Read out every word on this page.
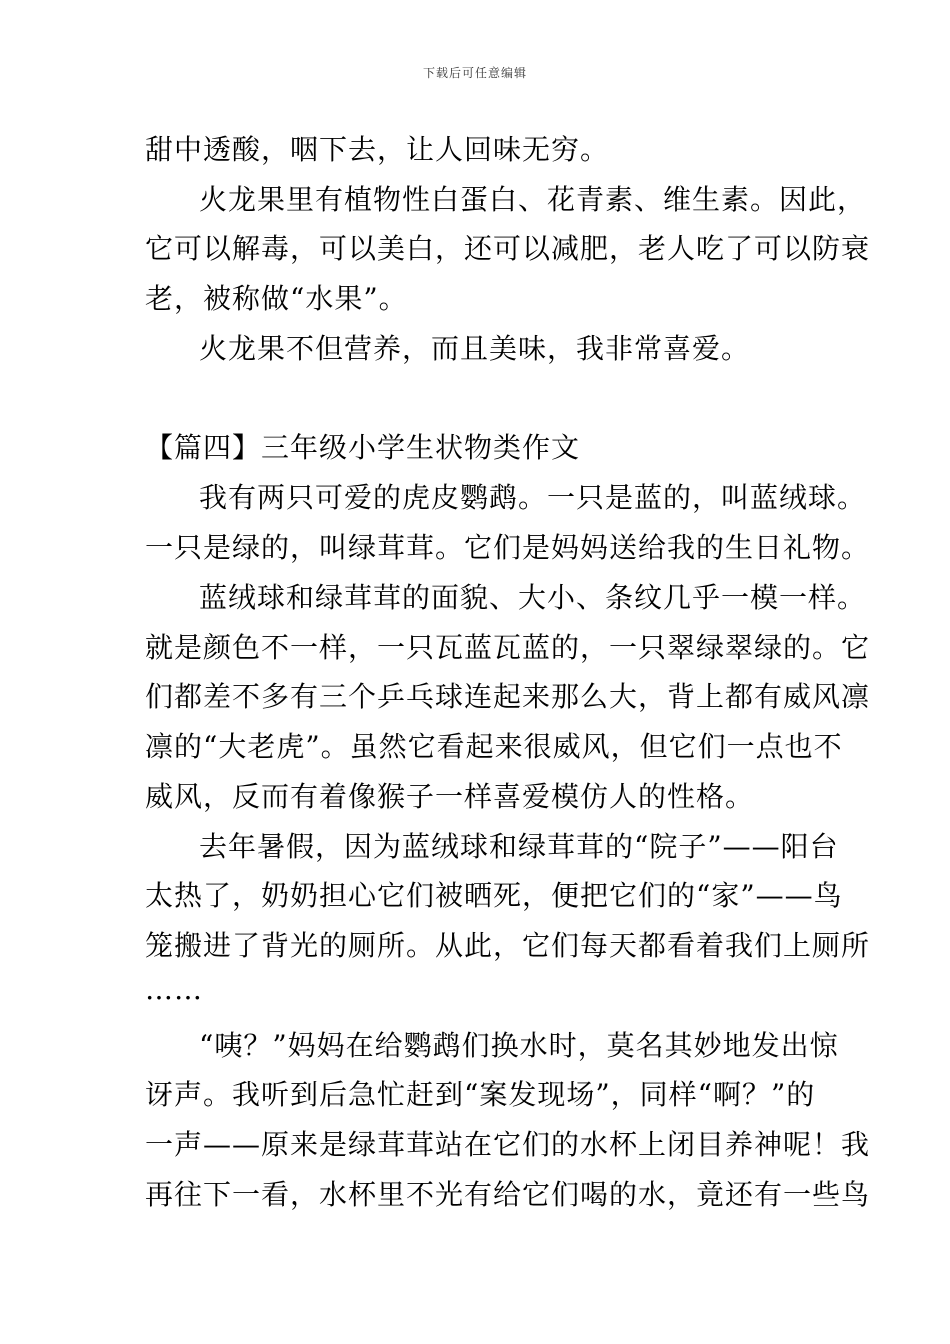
下载后可任意编辑
甜中透酸，咽下去，让人回味无穷。
火龙果里有植物性白蛋白、花青素、维生素。因此，
它可以解毒，可以美白，还可以减肥，老人吃了可以防衰
老，被称做“水果”。
火龙果不但营养，而且美味，我非常喜爱。
【篇四】三年级小学生状物类作文
我有两只可爱的虎皮鹦鹉。一只是蓝的，叫蓝绒球。
一只是绿的，叫绿茸茸。它们是妈妈送给我的生日礼物。
蓝绒球和绿茸茸的面貌、大小、条纹几乎一模一样。
就是颜色不一样，一只瓦蓝瓦蓝的，一只翠绿翠绿的。它
们都差不多有三个乒乓球连起来那么大，背上都有威风凛
凛的“大老虎”。虽然它看起来很威风，但它们一点也不
威风，反而有着像猴子一样喜爱模仿人的性格。
去年暑假，因为蓝绒球和绿茸茸的“院子”——阳台
太热了，奶奶担心它们被晒死，便把它们的“家”——鸟
笼搬进了背光的厕所。从此，它们每天都看着我们上厕所
……
“咦？”妈妈在给鹦鹉们换水时，莫名其妙地发出惊
讶声。我听到后急忙赶到“案发现场”，同样“啊？”的
一声——原来是绿茸茸站在它们的水杯上闭目养神呢！我
再往下一看，水杯里不光有给它们喝的水，竟还有一些鸟
